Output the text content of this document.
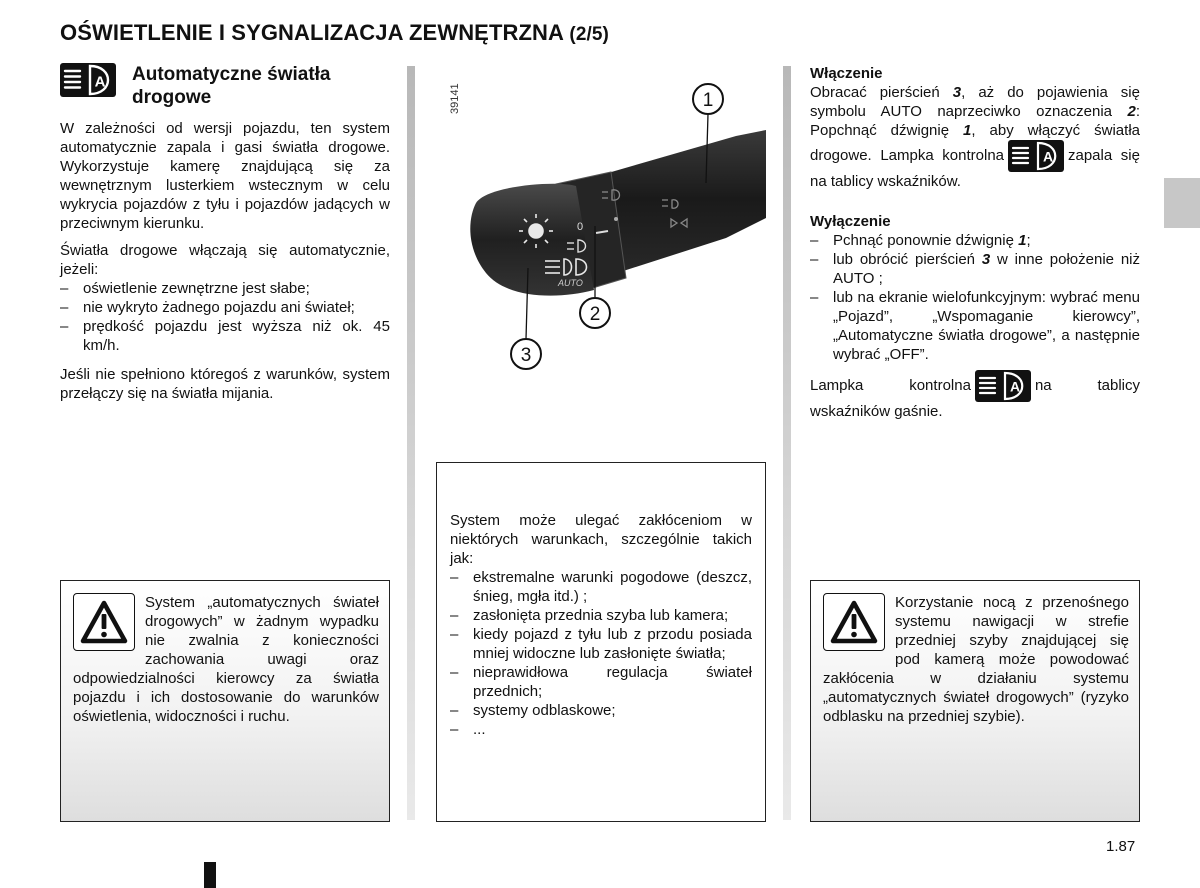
OŚWIETLENIE I SYGNALIZACJA ZEWNĘTRZNA (2/5)
A Automatyczne światła drogowe

W zależności od wersji pojazdu, ten system automatycznie zapala i gasi światła drogowe. Wykorzystuje kamerę znajdującą się za wewnętrznym lusterkiem wstecznym w celu wykrycia pojazdów z tyłu i pojazdów jadących w przeciwnym kierunku.

Światła drogowe włączają się automatycznie, jeżeli:

– oświetlenie zewnętrzne jest słabe;
– nie wykryto żadnego pojazdu ani świateł;
– prędkość pojazdu jest wyższa niż ok. 45 km/h.

Jeśli nie spełniono któregoś z warunków, system przełączy się na światła mijania.

System „automatycznych świateł drogowych” w żadnym wypadku nie zwalnia z konieczności zachowania uwagi oraz odpowiedzialności kierowcy za światła pojazdu i ich dostosowanie do warunków oświetlenia, widoczności i ruchu.
0
AUTO
39141	1
2
3

System może ulegać zakłóceniom w niektórych warunkach, szczególnie takich jak:

– ekstremalne warunki pogodowe (deszcz, śnieg, mgła itd.) ;
– zasłonięta przednia szyba lub kamera;
– kiedy pojazd z tyłu lub z przodu posiada mniej widoczne lub zasłonięte światła;
– nieprawidłowa regulacja świateł przednich;
– systemy odblaskowe;
– ...
Włączenie

Obracać pierścień 3, aż do pojawienia się symbolu AUTO naprzeciwko oznaczenia 2: Popchnąć dźwignię 1, aby włączyć światła drogowe. Lampka kontrolna	A zapala się na tablicy wskaźników.

Wyłączenie
– Pchnąć ponownie dźwignię 1;
– lub obrócić pierścień 3 w inne położenie niż AUTO ;
– lub na ekranie wielofunkcyjnym: wybrać menu „Pojazd”, „Wspomaganie kierowcy”, „Automatyczne światła drogowe”, a następnie wybrać „OFF”.

Lampka kontrolna	A na tablicy wskaźników gaśnie.

Korzystanie nocą z przenośnego systemu nawigacji w strefie przedniej szyby znajdującej się pod kamerą może powodować zakłócenia w działaniu systemu „automatycznych świateł drogowych” (ryzyko odblasku na przedniej szybie).
1.87
